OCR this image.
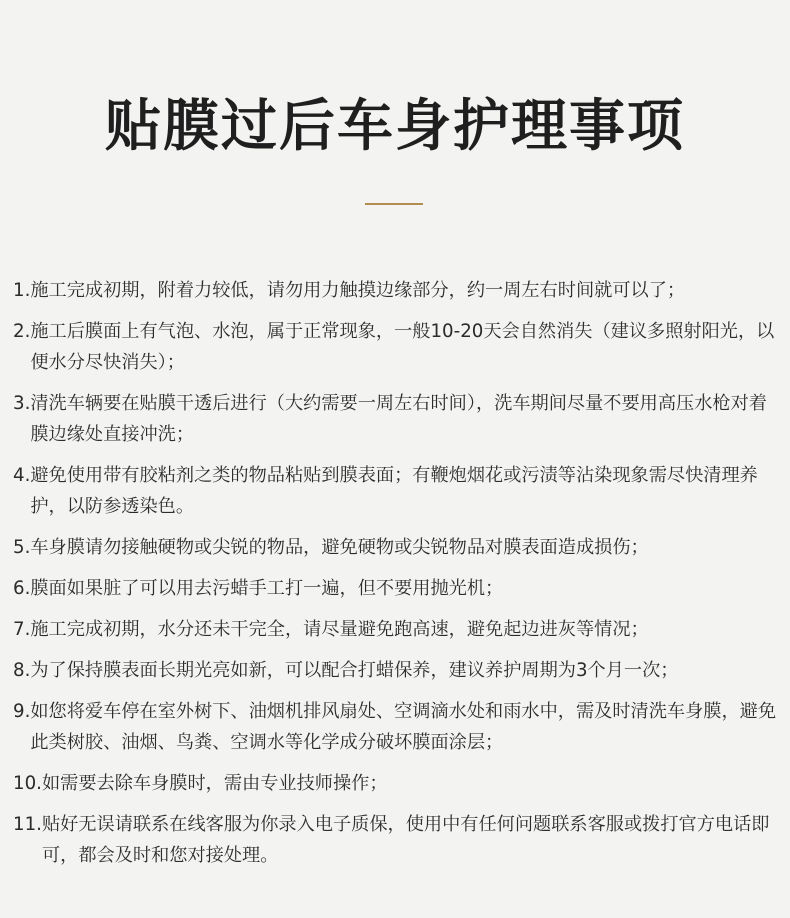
贴膜过后车身护理事项
1. 施工完成初期，附着力较低，请勿用力触摸边缘部分，约一周左右时间就可以了；
2. 施工后膜面上有气泡、水泡，属于正常现象，一般10-20天会自然消失（建议多照射阳光，以便水分尽快消失）；
3. 清洗车辆要在贴膜干透后进行（大约需要一周左右时间），洗车期间尽量不要用高压水枪对着膜边缘处直接冲洗；
4. 避免使用带有胶粘剂之类的物品粘贴到膜表面；有鞭炮烟花或污渍等沾染现象需尽快清理养护，以防参透染色。
5. 车身膜请勿接触硬物或尖锐的物品，避免硬物或尖锐物品对膜表面造成损伤；
6. 膜面如果脏了可以用去污蜡手工打一遍，但不要用抛光机；
7. 施工完成初期，水分还未干完全，请尽量避免跑高速，避免起边进灰等情况；
8. 为了保持膜表面长期光亮如新，可以配合打蜡保养，建议养护周期为3个月一次；
9. 如您将爱车停在室外树下、油烟机排风扇处、空调滴水处和雨水中，需及时清洗车身膜，避免此类树胶、油烟、鸟粪、空调水等化学成分破坏膜面涂层；
10. 如需要去除车身膜时，需由专业技师操作；
11. 贴好无误请联系在线客服为你录入电子质保，使用中有任何问题联系客服或拨打官方电话即可，都会及时和您对接处理。
